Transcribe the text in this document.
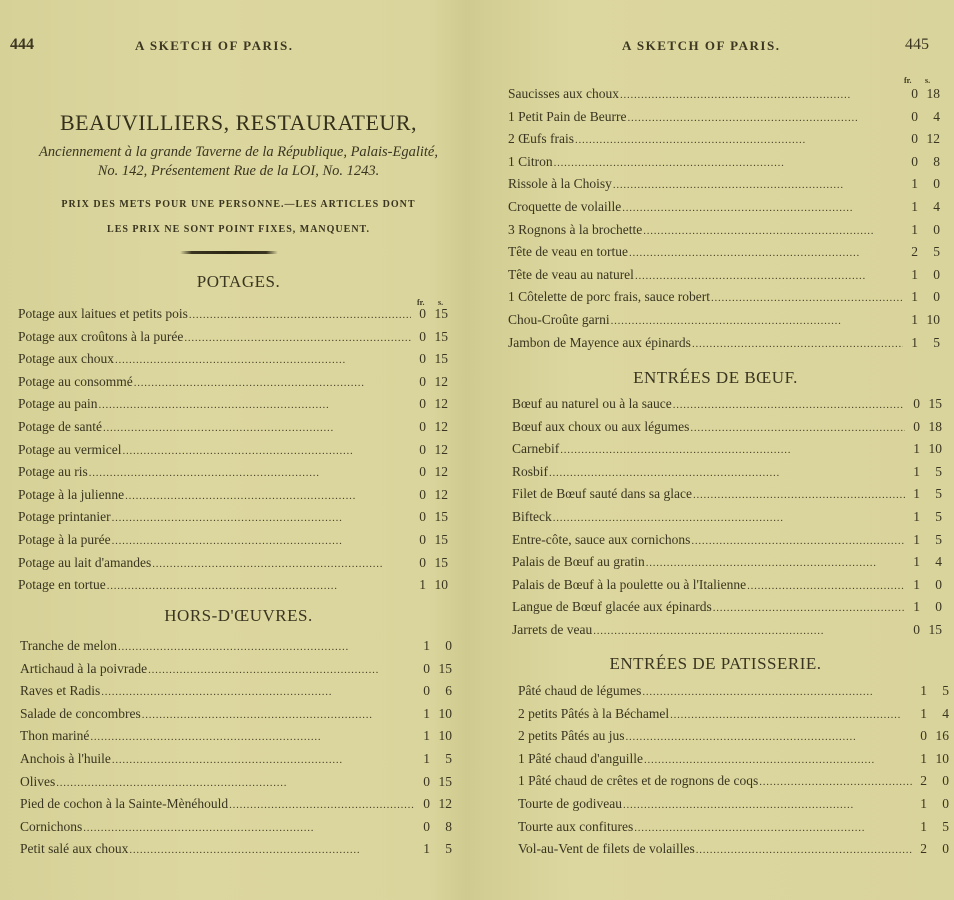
444	A SKETCH OF PARIS.
BEAUVILLIERS, RESTAURATEUR,
Anciennement à la grande Taverne de la République, Palais-Egalité,
No. 142, Présentement Rue de la LOI, No. 1243.
PRIX DES METS POUR UNE PERSONNE.—LES ARTICLES DONT
LES PRIX NE SONT POINT FIXES, MANQUENT.
POTAGES.
fr. s.
Potage aux laitues et petits pois . . .	0 15
Potage aux croûtons à la purée . . .	0 15
Potage aux choux . . .	0 15
Potage au consommé . . .	0 12
Potage au pain . . .	0 12
Potage de santé . . .	0 12
Potage au vermicel . . .	0 12
Potage au ris . . .	0 12
Potage à la julienne . . .	0 12
Potage printanier . . .	0 15
Potage à la purée . . .	0 15
Potage au lait d'amandes . . .	0 15
Potage en tortue . . .	1 10
HORS-D'ŒUVRES.
Tranche de melon . . .	1	0
Artichaud à la poivrade . . .	0 15
Raves et Radis . . .	0	6
Salade de concombres . . .	1 10
Thon mariné . . .	1 10
Anchois à l'huile . . .	1	5
Olives . . .	0 15
Pied de cochon à la Sainte-Mènéhould . . .	0 12
Cornichons . . .	0	8
Petit salé aux choux . . .	1	5
A SKETCH OF PARIS.	445
fr. s.
Saucisses aux choux . . .	0 18
1 Petit Pain de Beurre . . .	0	4
2 Œufs frais . . .	0 12
1 Citron . . .	0	8
Rissole à la Choisy . . .	1	0
Croquette de volaille . . .	1	4
3 Rognons à la brochette . . .	1	0
Tête de veau en tortue . . .	2	5
Tête de veau au naturel . . .	1	0
1 Côtelette de porc frais, sauce robert . . .	1	0
Chou-Croûte garni . . .	1 10
Jambon de Mayence aux épinards . . .	1	5
ENTRÉES DE BŒUF.
Bœuf au naturel ou à la sauce . . .	0 15
Bœuf aux choux ou aux légumes . . .	0 18
Carnebif . . .	1 10
Rosbif . . .	1	5
Filet de Bœuf sauté dans sa glace . . .	1	5
Bifteck . . .	1	5
Entre-côte, sauce aux cornichons . . .	1	5
Palais de Bœuf au gratin . . .	1	4
Palais de Bœuf à la poulette ou à l'Italienne . . .	1	0
Langue de Bœuf glacée aux épinards . . .	1	0
Jarrets de veau . . .	0 15
ENTRÉES DE PATISSERIE.
Pâté chaud de légumes . . .	1	5
2 petits Pâtés à la Béchamel . . .	1	4
2 petits Pâtés au jus . . .	0 16
1 Pâté chaud d'anguille . . .	1 10
1 Pâté chaud de crêtes et de rognons de coqs . . .	2	0
Tourte de godiveau . . .	1	0
Tourte aux confitures . . .	1	5
Vol-au-Vent de filets de volailles . . .	2	0
